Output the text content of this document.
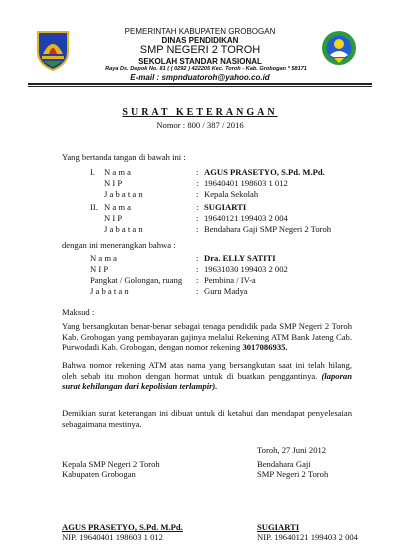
PEMERINTAH KABUPATEN GROBOGAN
DINAS PENDIDIKAN
SMP NEGERI 2 TOROH
SEKOLAH STANDAR NASIONAL
Raya Ds. Depok No. 81 ( ( 0292 ) 422205 Kec. Toroh - Kab. Grobogan * 58171
E-mail : smpnduatoroh@yahoo.co.id
SURAT KETERANGAN
Nomor : 800 / 387 / 2016
Yang bertanda tangan di bawah ini :
I. N a m a	: AGUS PRASETYO, S.Pd. M.Pd.
N I P	: 19640401 198603 1 012
J a b a t a n	: Kepala Sekolah
II. N a m a	: SUGIARTI
N I P	: 19640121 199403 2 004
J a b a t a n	: Bendahara Gaji SMP Negeri 2 Toroh
dengan ini menerangkan bahwa :
N a m a	: Dra. ELLY SATITI
N I P	: 19631030 199403 2 002
Pangkat / Golongan, ruang : Pembina / IV-a
J a b a t a n	: Guru Madya
Maksud :
Yang bersangkutan benar-benar sebagai tenaga pendidik pada SMP Negeri 2 Toroh Kab. Grobogan yang pembayaran gajinya melalui Rekening ATM Bank Jateng Cab. Purwodadi Kab. Grobogan, dengan nomor rekening 3017086935.
Bahwa nomor rekening ATM atas nama yang bersangkutan saat ini telah hilang, oleh sebab itu mohon dengan hormat untuk di buatkan penggantinya. (laporan surat kehilangan dari kepolisian terlampir).
Demikian surat keterangan ini dibuat untuk di ketahui dan mendapat penyelesaian sebagaimana mestinya.
Toroh, 27 Juni 2012
Kepala SMP Negeri 2 Toroh
Kabupaten Grobogan
AGUS PRASETYO, S.Pd. M.Pd.
NIP. 19640401 198603 1 012
Bendahara Gaji
SMP Negeri 2 Toroh
SUGIARTI
NIP. 19640121 199403 2 004
